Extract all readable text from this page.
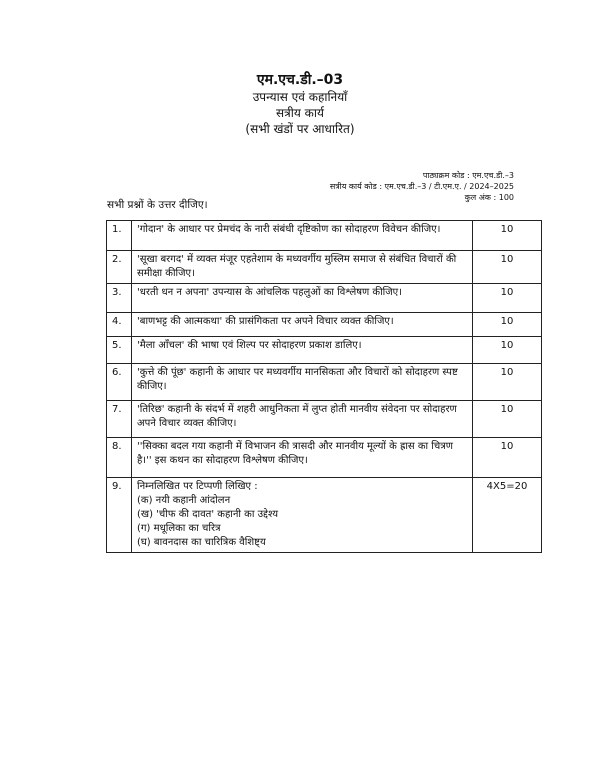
एम.एच.डी.–03
उपन्यास एवं कहानियाँ
सत्रीय कार्य
(सभी खंडों पर आधारित)
पाठ्यक्रम कोड : एम.एच.डी.–3
सत्रीय कार्य कोड : एम.एच.डी.–3 / टी.एम.ए. / 2024–2025
कुल अंक : 100
सभी प्रश्नों के उत्तर दीजिए।
1.	'गोदान' के आधार पर प्रेमचंद के नारी संबंधी दृष्टिकोण का सोदाहरण विवेचन कीजिए।	10
2.	'सूखा बरगद' में व्यक्त मंजूर एहतेशाम के मध्यवर्गीय मुस्लिम समाज से संबंधित विचारों की समीक्षा कीजिए।	10
3.	'धरती धन न अपना' उपन्यास के आंचलिक पहलुओं का विश्लेषण कीजिए।	10
4.	'बाणभट्ट की आत्मकथा' की प्रासंगिकता पर अपने विचार व्यक्त कीजिए।	10
5.	'मैला आँचल' की भाषा एवं शिल्प पर सोदाहरण प्रकाश डालिए।	10
6.	'कुत्ते की पूंछ' कहानी के आधार पर मध्यवर्गीय मानसिकता और विचारों को सोदाहरण स्पष्ट कीजिए।	10
7.	'तिरिछ' कहानी के संदर्भ में शहरी आधुनिकता में लुप्त होती मानवीय संवेदना पर सोदाहरण अपने विचार व्यक्त कीजिए।	10
8.	''सिक्का बदल गया कहानी में विभाजन की त्रासदी और मानवीय मूल्यों के ह्रास का चित्रण है।'' इस कथन का सोदाहरण विश्लेषण कीजिए।	10
9.	निम्नलिखित पर टिप्पणी लिखिए :
(क) नयी कहानी आंदोलन
(ख) 'चीफ की दावत' कहानी का उद्देश्य
(ग) मधूलिका का चरित्र
(घ) बावनदास का चारित्रिक वैशिष्ट्य	4X5=20
